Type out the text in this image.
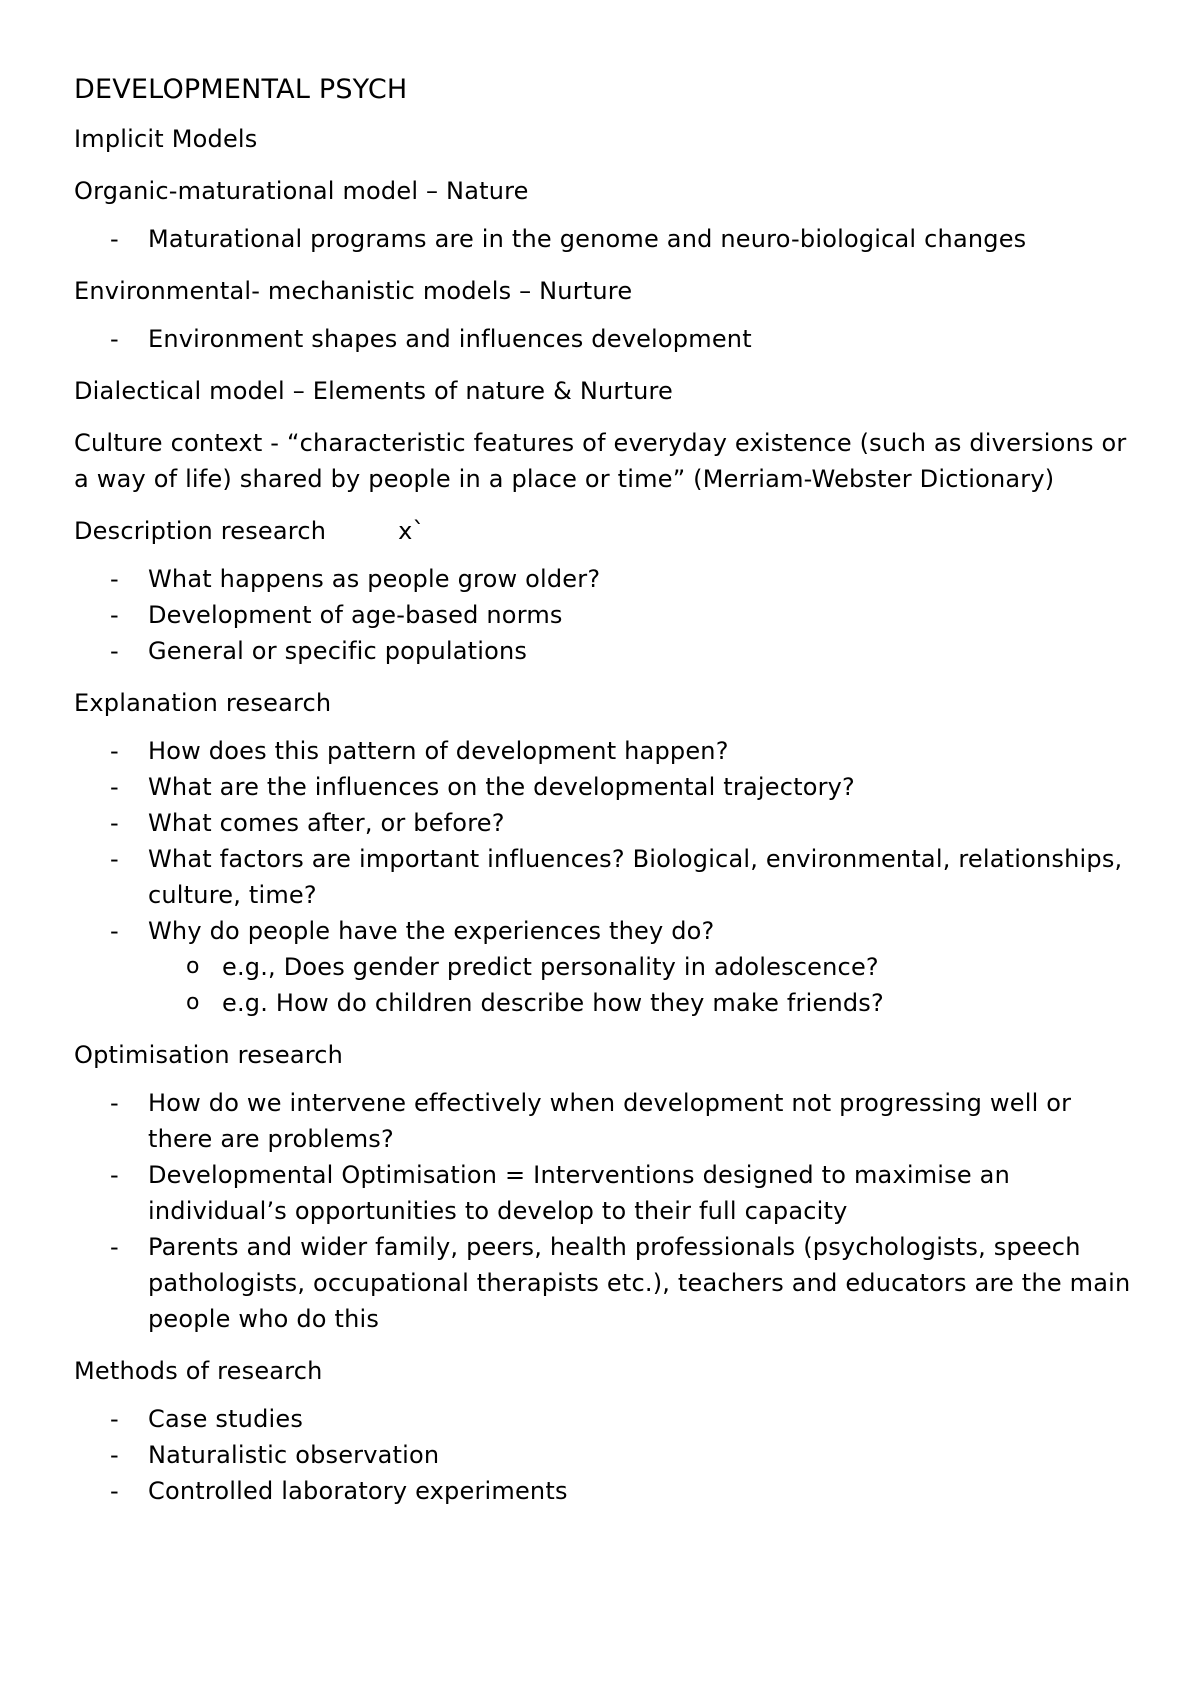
DEVELOPMENTAL PSYCH
Implicit Models
Organic-maturational model – Nature
- Maturational programs are in the genome and neuro-biological changes
Environmental- mechanistic models – Nurture
- Environment shapes and influences development
Dialectical model – Elements of nature & Nurture
Culture context - “characteristic features of everyday existence (such as diversions or a way of life) shared by people in a place or time” (Merriam-Webster Dictionary)
Description research	x`
- What happens as people grow older?
- Development of age-based norms
- General or specific populations
Explanation research
- How does this pattern of development happen?
- What are the influences on the developmental trajectory?
- What comes after, or before?
- What factors are important influences? Biological, environmental, relationships, culture, time?
- Why do people have the experiences they do?
o e.g., Does gender predict personality in adolescence?
o e.g. How do children describe how they make friends?
Optimisation research
- How do we intervene effectively when development not progressing well or there are problems?
- Developmental Optimisation = Interventions designed to maximise an individual’s opportunities to develop to their full capacity
- Parents and wider family, peers, health professionals (psychologists, speech pathologists, occupational therapists etc.), teachers and educators are the main people who do this
Methods of research
- Case studies
- Naturalistic observation
- Controlled laboratory experiments
